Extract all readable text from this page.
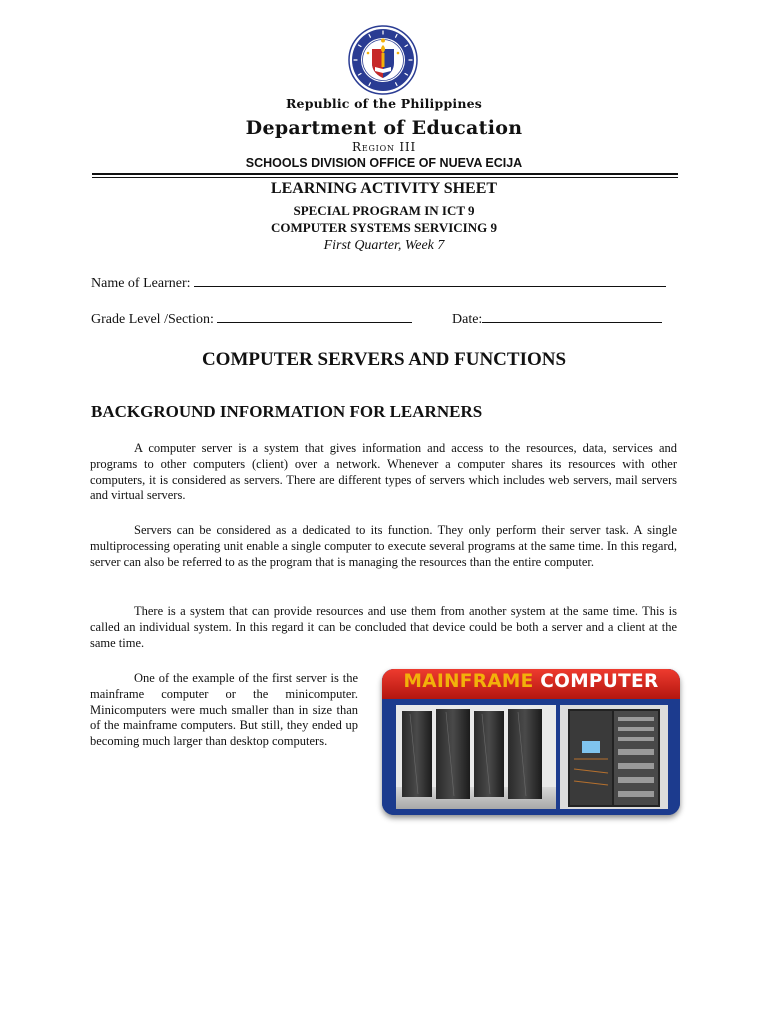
Republic of the Philippines
Department of Education
Region III
SCHOOLS DIVISION OFFICE OF NUEVA ECIJA
LEARNING ACTIVITY SHEET
SPECIAL PROGRAM IN ICT 9
COMPUTER SYSTEMS SERVICING 9
First Quarter, Week 7
Name of Learner:
Grade Level /Section:	Date:
COMPUTER SERVERS AND FUNCTIONS
BACKGROUND INFORMATION FOR LEARNERS

A computer server is a system that gives information and access to the resources, data, services and programs to other computers (client) over a network. Whenever a computer shares its resources with other computers, it is considered as servers. There are different types of servers which includes web servers, mail servers and virtual servers.

Servers can be considered as a dedicated to its function. They only perform their server task. A single multiprocessing operating unit enable a single computer to execute several programs at the same time. In this regard, server can also be referred to as the program that is managing the resources than the entire computer.

There is a system that can provide resources and use them from another system at the same time. This is called an individual system. In this regard it can be concluded that device could be both a server and a client at the same time.

One of the example of the first server is the mainframe computer or the minicomputer. Minicomputers were much smaller than in size than of the mainframe computers. But still, they ended up becoming much larger than desktop computers.

MAINFRAME COMPUTER
